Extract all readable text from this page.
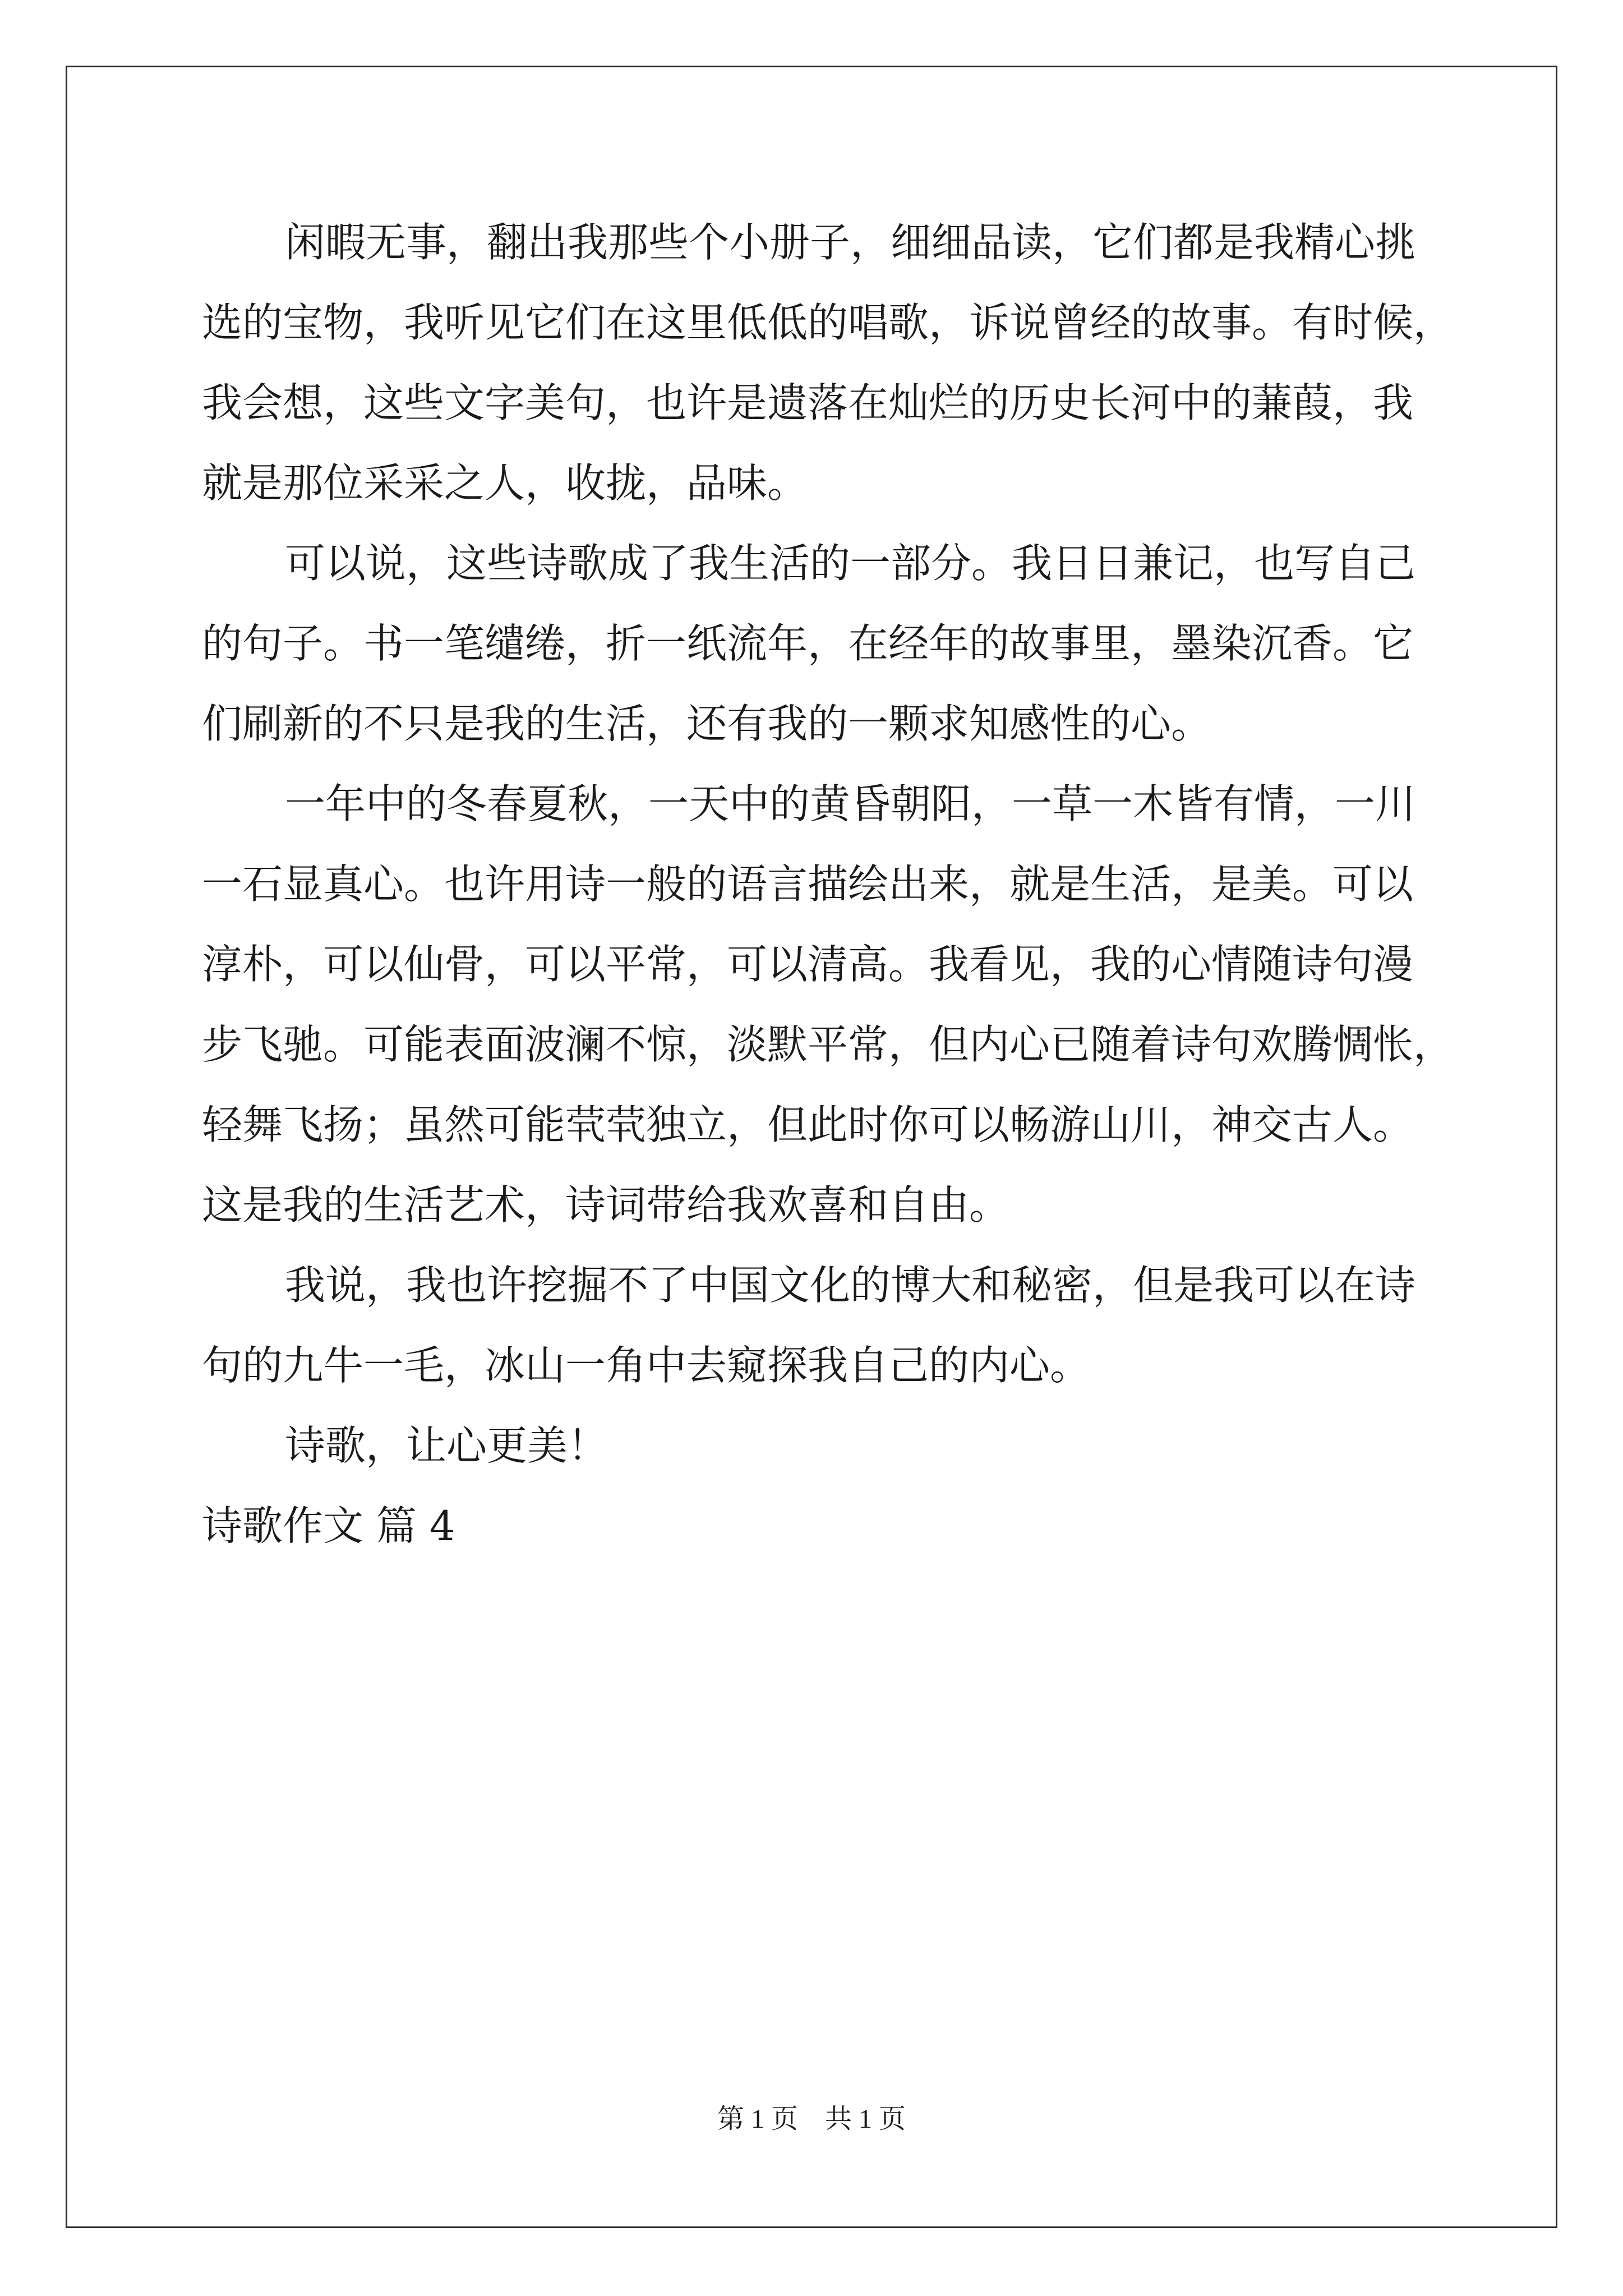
闲暇无事，翻出我那些个小册子，细细品读，它们都是我精心挑
选的宝物，我听见它们在这里低低的唱歌，诉说曾经的故事。有时候，
我会想，这些文字美句，也许是遗落在灿烂的历史长河中的蒹葭，我
就是那位采采之人，收拢，品味。
可以说，这些诗歌成了我生活的一部分。我日日兼记，也写自己
的句子。书一笔缱绻，折一纸流年，在经年的故事里，墨染沉香。它
们刷新的不只是我的生活，还有我的一颗求知感性的心。
一年中的冬春夏秋，一天中的黄昏朝阳，一草一木皆有情，一川
一石显真心。也许用诗一般的语言描绘出来，就是生活，是美。可以
淳朴，可以仙骨，可以平常，可以清高。我看见，我的心情随诗句漫
步飞驰。可能表面波澜不惊，淡默平常，但内心已随着诗句欢腾惆怅，
轻舞飞扬；虽然可能茕茕独立，但此时你可以畅游山川，神交古人。
这是我的生活艺术，诗词带给我欢喜和自由。
我说，我也许挖掘不了中国文化的博大和秘密，但是我可以在诗
句的九牛一毛，冰山一角中去窥探我自己的内心。
诗歌，让心更美！
诗歌作文 篇 4
第 1 页　共 1 页
